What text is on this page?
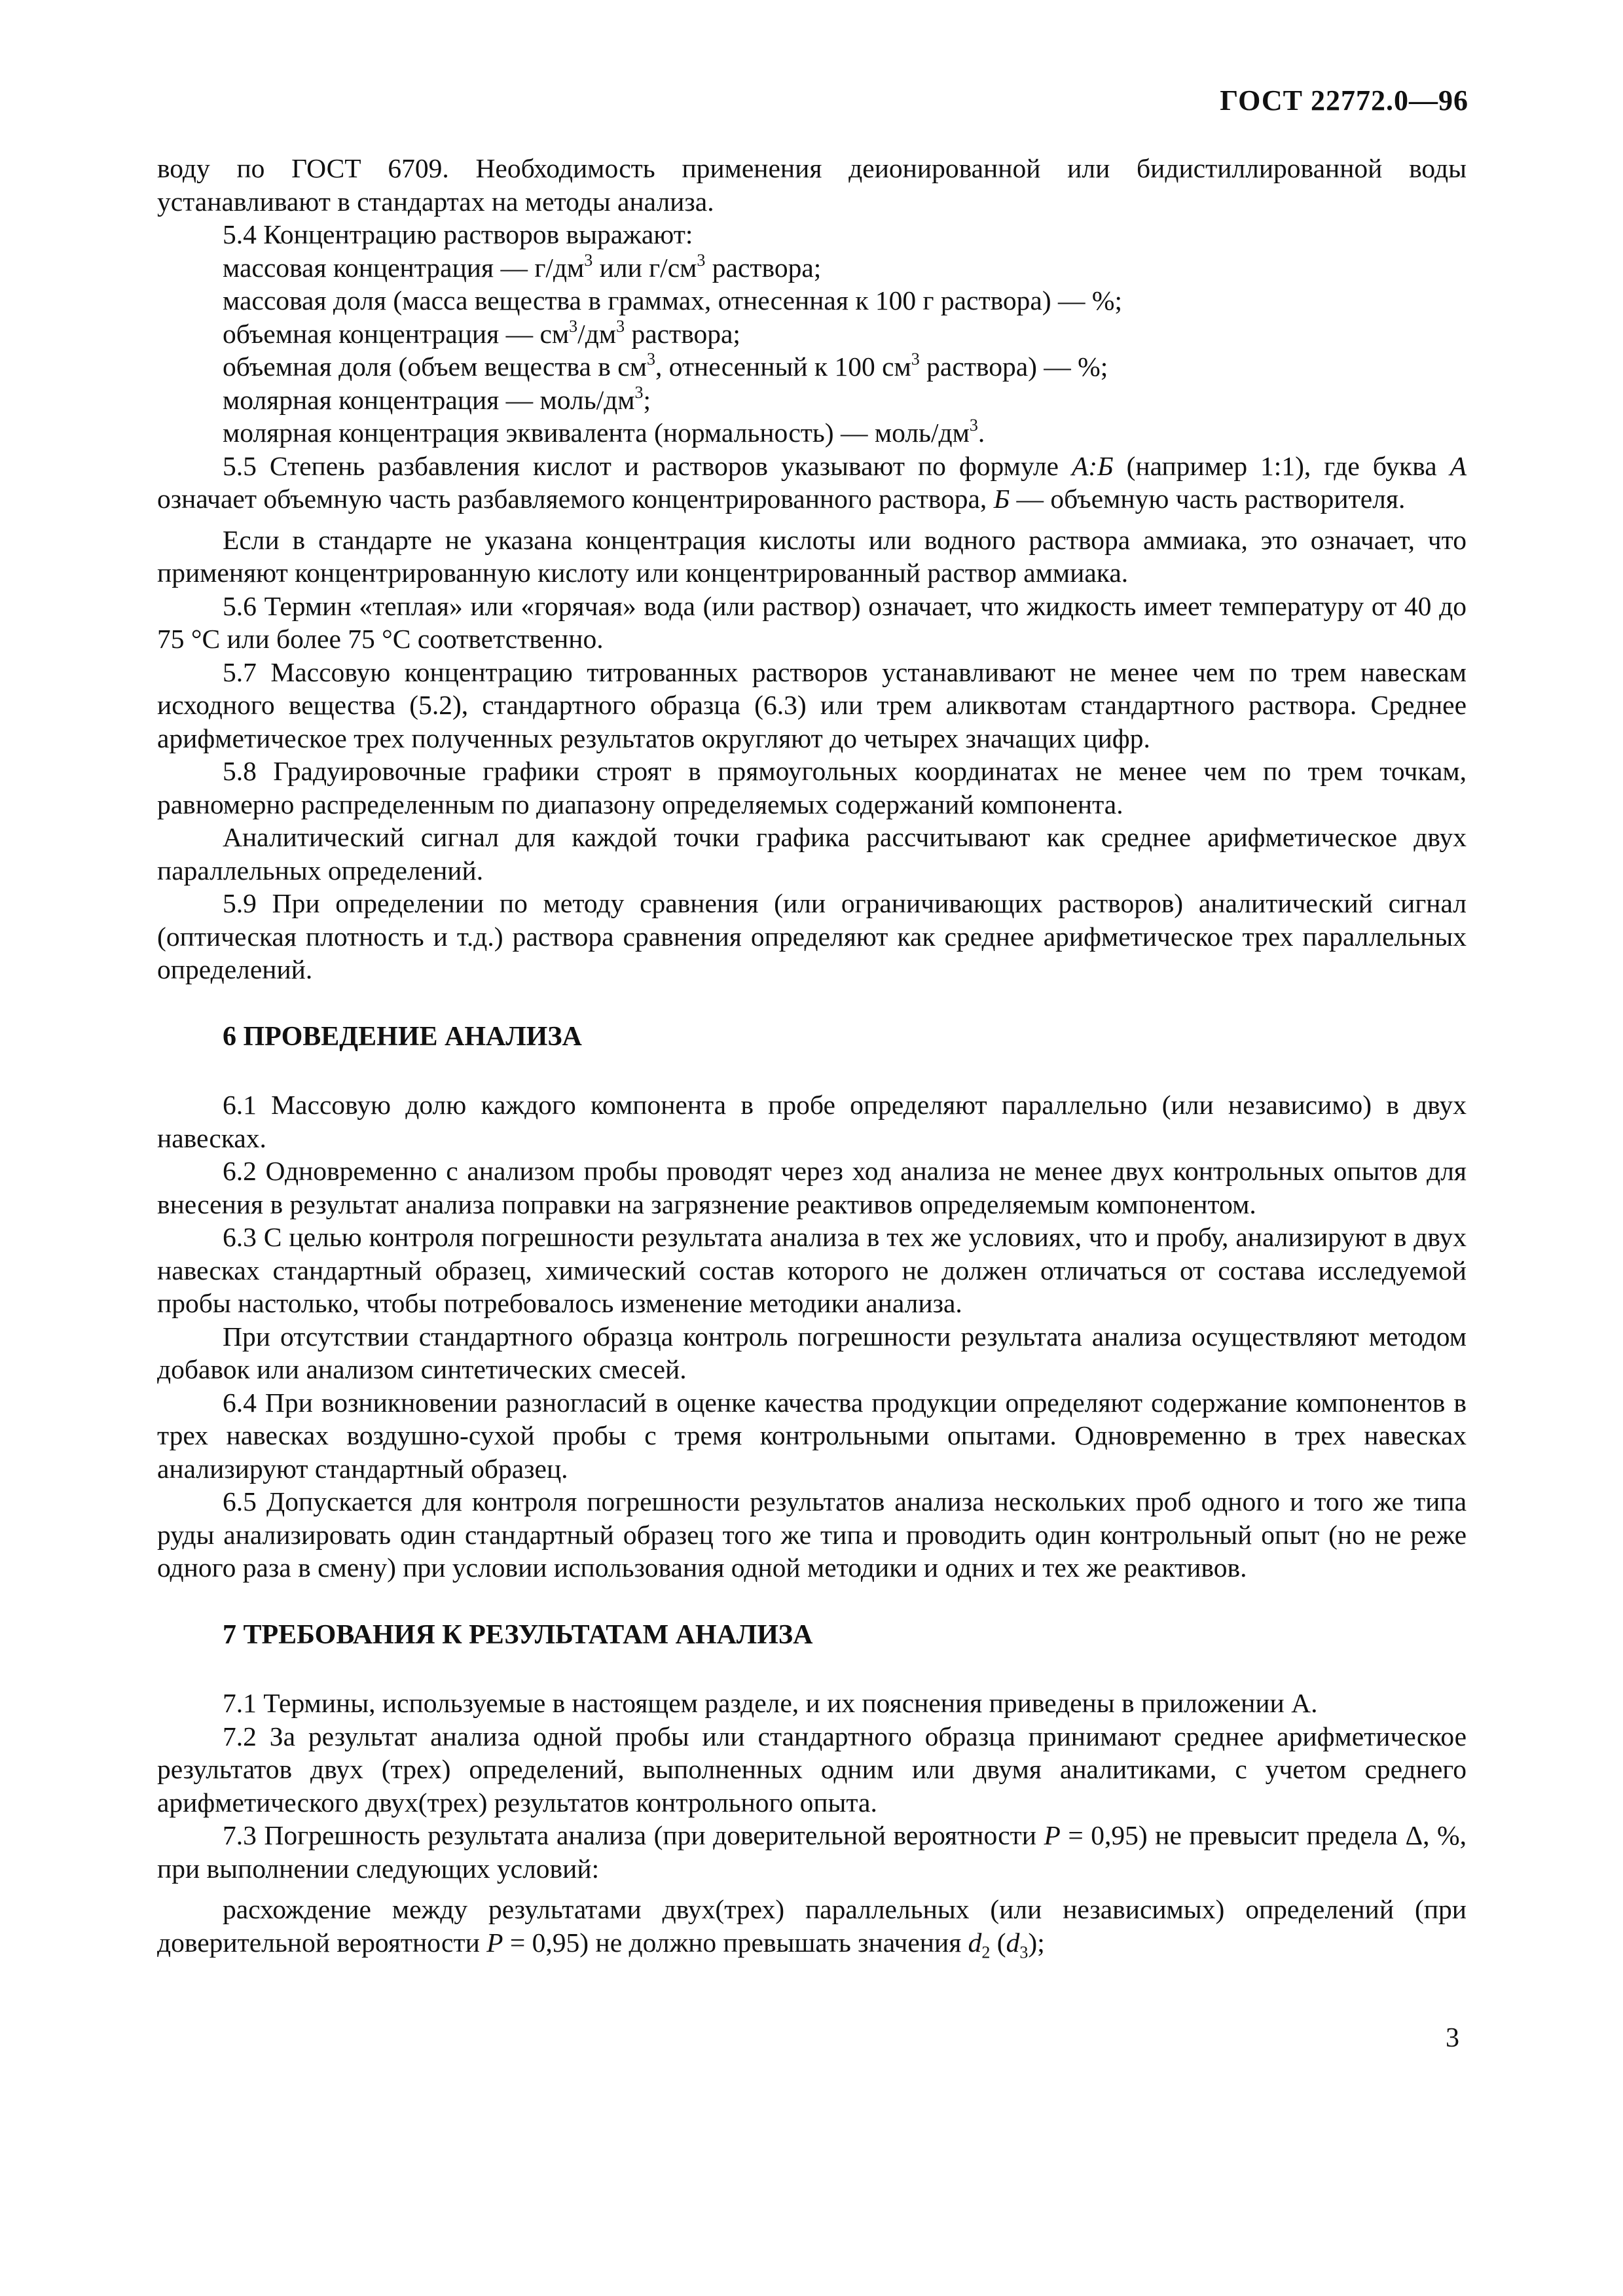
ГОСТ 22772.0—96

воду по ГОСТ 6709. Необходимость применения деионированной или бидистиллированной воды устанавливают в стандартах на методы анализа.

5.4 Концентрацию растворов выражают:

массовая концентрация — $г/дм^3$ или $г/см^3$ раствора;

массовая доля (масса вещества в граммах, отнесенная к 100 г раствора) — %;

объемная концентрация — $см^3/дм^3$ раствора;

объемная доля (объем вещества в $см^3$, отнесенный к 100 $см^3$ раствора) — %;

молярная концентрация — моль/$дм^3$;

молярная концентрация эквивалента (нормальность) — моль/$дм^3$.

5.5 Степень разбавления кислот и растворов указывают по формуле А:Б (например 1:1), где буква А означает объемную часть разбавляемого концентрированного раствора, Б — объемную часть растворителя.

Если в стандарте не указана концентрация кислоты или водного раствора аммиака, это означает, что применяют концентрированную кислоту или концентрированный раствор аммиака.

5.6 Термин «теплая» или «горячая» вода (или раствор) означает, что жидкость имеет температуру от 40 до 75 °С или более 75 °С соответственно.

5.7 Массовую концентрацию титрованных растворов устанавливают не менее чем по трем навескам исходного вещества (5.2), стандартного образца (6.3) или трем аликвотам стандартного раствора. Среднее арифметическое трех полученных результатов округляют до четырех значащих цифр.

5.8 Градуировочные графики строят в прямоугольных координатах не менее чем по трем точкам, равномерно распределенным по диапазону определяемых содержаний компонента.

Аналитический сигнал для каждой точки графика рассчитывают как среднее арифметическое двух параллельных определений.

5.9 При определении по методу сравнения (или ограничивающих растворов) аналитический сигнал (оптическая плотность и т.д.) раствора сравнения определяют как среднее арифметическое трех параллельных определений.

6 ПРОВЕДЕНИЕ АНАЛИЗА

6.1 Массовую долю каждого компонента в пробе определяют параллельно (или независимо) в двух навесках.

6.2 Одновременно с анализом пробы проводят через ход анализа не менее двух контрольных опытов для внесения в результат анализа поправки на загрязнение реактивов определяемым компонентом.

6.3 С целью контроля погрешности результата анализа в тех же условиях, что и пробу, анализируют в двух навесках стандартный образец, химический состав которого не должен отличаться от состава исследуемой пробы настолько, чтобы потребовалось изменение методики анализа.

При отсутствии стандартного образца контроль погрешности результата анализа осуществляют методом добавок или анализом синтетических смесей.

6.4 При возникновении разногласий в оценке качества продукции определяют содержание компонентов в трех навесках воздушно-сухой пробы с тремя контрольными опытами. Одновременно в трех навесках анализируют стандартный образец.

6.5 Допускается для контроля погрешности результатов анализа нескольких проб одного и того же типа руды анализировать один стандартный образец того же типа и проводить один контрольный опыт (но не реже одного раза в смену) при условии использования одной методики и одних и тех же реактивов.

7 ТРЕБОВАНИЯ К РЕЗУЛЬТАТАМ АНАЛИЗА

7.1 Термины, используемые в настоящем разделе, и их пояснения приведены в приложении А.

7.2 За результат анализа одной пробы или стандартного образца принимают среднее арифметическое результатов двух (трех) определений, выполненных одним или двумя аналитиками, с учетом среднего арифметического двух(трех) результатов контрольного опыта.

7.3 Погрешность результата анализа (при доверительной вероятности Р = 0,95) не превысит предела Δ, %, при выполнении следующих условий:

расхождение между результатами двух(трех) параллельных (или независимых) определений (при доверительной вероятности Р = 0,95) не должно превышать значения $d_2$ $(d_3)$;

3
